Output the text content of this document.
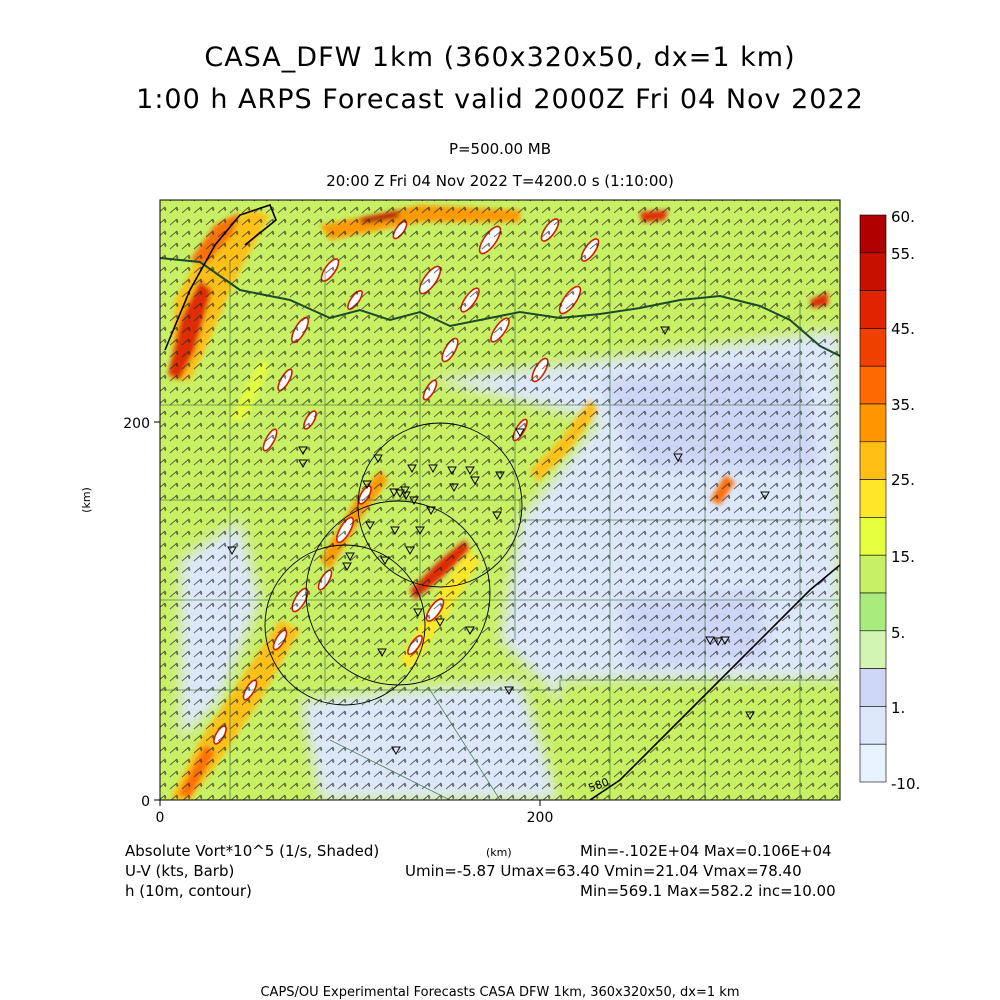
CASA_DFW 1km (360x320x50, dx=1 km)
1:00 h ARPS Forecast valid 2000Z Fri 04 Nov 2022
P=500.00 MB
20:00 Z Fri 04 Nov 2022 T=4200.0 s (1:10:00)
580
0	200
0
200
(km)
60.
55.
45.
35.
25.
15.
5.
1.
-10.
Absolute Vort*10^5 (1/s, Shaded)
U-V (kts, Barb)
h (10m, contour)
(km)	Min=-.102E+04 Max=0.106E+04
Umin=-5.87 Umax=63.40 Vmin=21.04 Vmax=78.40
Min=569.1 Max=582.2 inc=10.00
CAPS/OU Experimental Forecasts CASA DFW 1km, 360x320x50, dx=1 km
